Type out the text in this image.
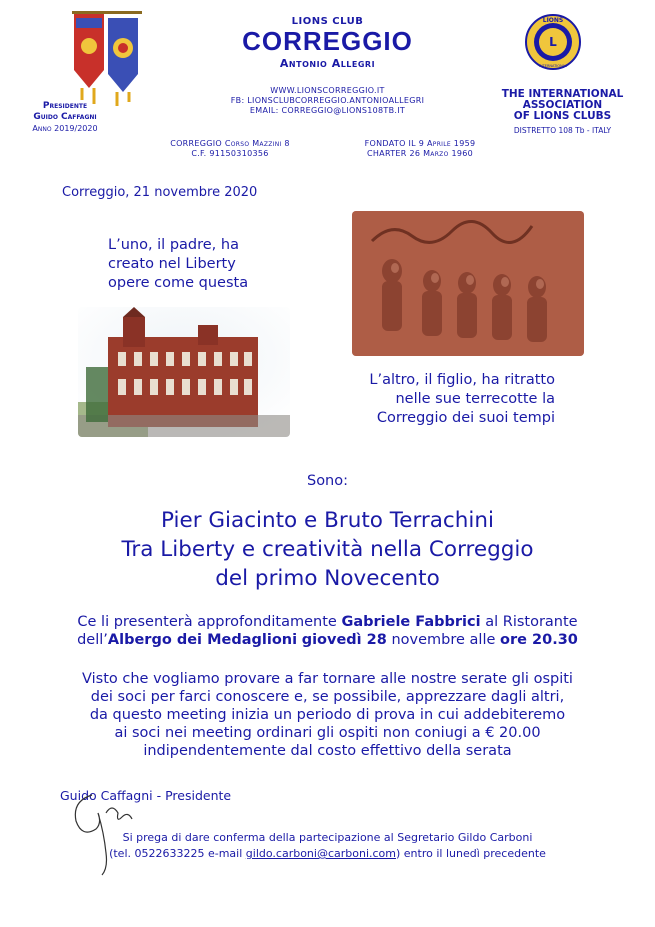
LIONS CLUB
CORREGGIO
Antonio Allegri
WWW.LIONSCORREGGIO.IT
FB: LIONSCLUBCORREGGIO.ANTONIOALLEGRI
EMAIL: CORREGGIO@LIONS108TB.IT
L
LIONS
INTERNATIONAL
Presidente
Guido Caffagni
Anno 2019/2020
THE INTERNATIONAL
ASSOCIATION
OF LIONS CLUBS
DISTRETTO 108 Tb - ITALY
CORREGGIO Corso Mazzini 8
C.F. 91150310356
FONDATO IL 9 Aprile 1959
CHARTER 26 Marzo 1960
Correggio, 21 novembre 2020
L’uno, il padre, ha
creato nel Liberty
opere come questa
L’altro, il figlio, ha ritratto
nelle sue terrecotte la
Correggio dei suoi tempi
Sono:
Pier Giacinto e Bruto Terrachini
Tra Liberty e creatività nella Correggio
del primo Novecento
Ce li presenterà approfonditamente Gabriele Fabbrici al Ristorante
dell’Albergo dei Medaglioni giovedì 28 novembre alle ore 20.30
Visto che vogliamo provare a far tornare alle nostre serate gli ospiti
dei soci per farci conoscere e, se possibile, apprezzare dagli altri,
da questo meeting inizia un periodo di prova in cui addebiteremo
ai soci nei meeting ordinari gli ospiti non coniugi a € 20.00
indipendentemente dal costo effettivo della serata
Guido Caffagni - Presidente
Si prega di dare conferma della partecipazione al Segretario Gildo Carboni
(tel. 0522633225 e-mail gildo.carboni@carboni.com) entro il lunedì precedente
